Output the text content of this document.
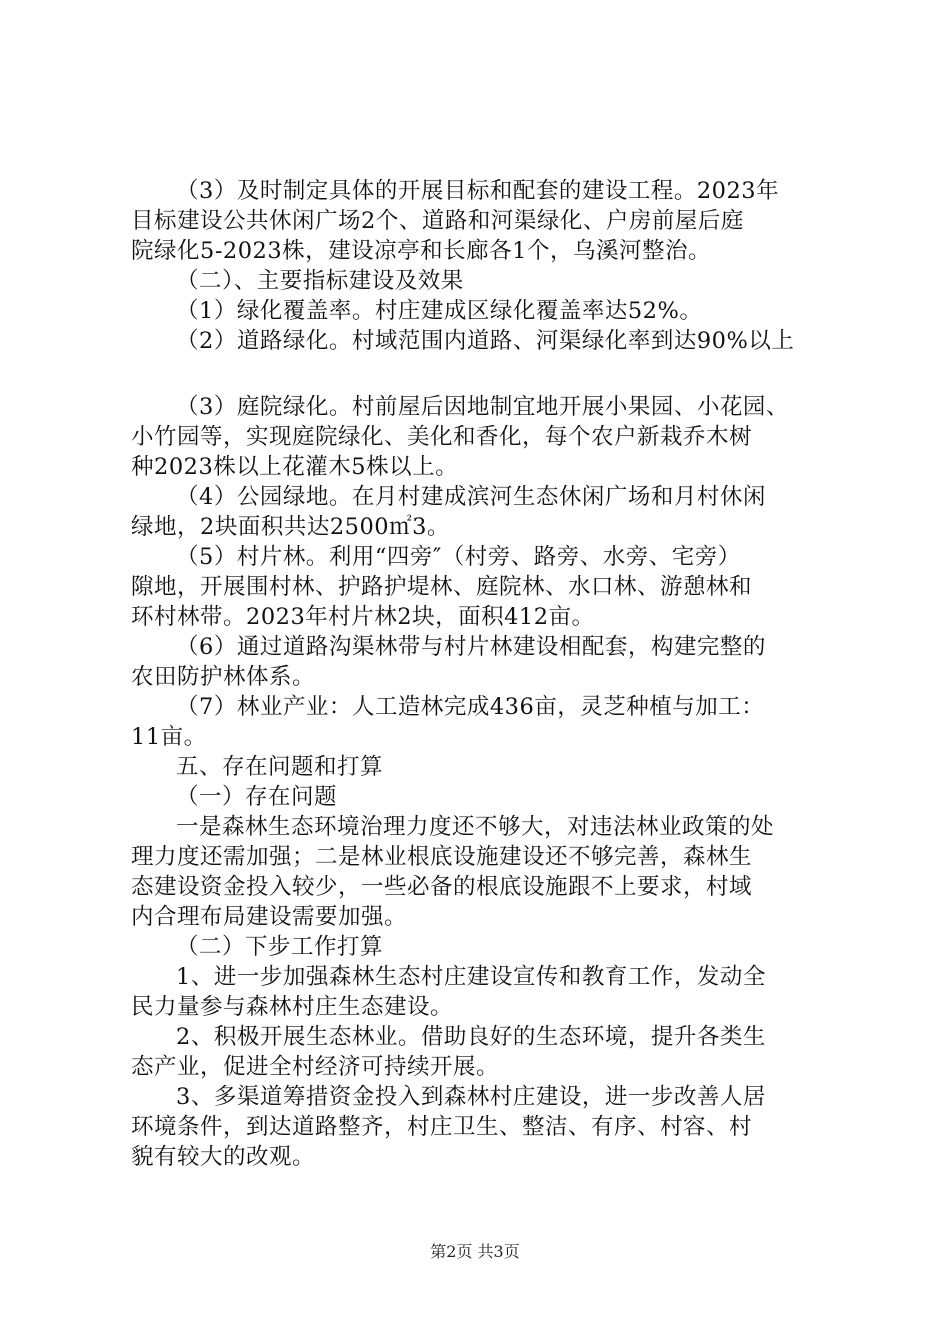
（3）及时制定具体的开展目标和配套的建设工程。2023年
目标建设公共休闲广场2个、道路和河渠绿化、户房前屋后庭
院绿化5-2023株，建设凉亭和长廊各1个，乌溪河整治。
（二）、主要指标建设及效果
（1）绿化覆盖率。村庄建成区绿化覆盖率达52%。
（2）道路绿化。村域范围内道路、河渠绿化率到达90%以上
（3）庭院绿化。村前屋后因地制宜地开展小果园、小花园、
小竹园等，实现庭院绿化、美化和香化，每个农户新栽乔木树
种2023株以上花灌木5株以上。
（4）公园绿地。在月村建成滨河生态休闲广场和月村休闲
绿地，2块面积共达2500㎡3。
（5）村片林。利用“四旁″（村旁、路旁、水旁、宅旁）
隙地，开展围村林、护路护堤林、庭院林、水口林、游憩林和
环村林带。2023年村片林2块，面积412亩。
（6）通过道路沟渠林带与村片林建设相配套，构建完整的
农田防护林体系。
（7）林业产业：人工造林完成436亩，灵芝种植与加工：
11亩。
五、存在问题和打算
（一）存在问题
一是森林生态环境治理力度还不够大，对违法林业政策的处
理力度还需加强；二是林业根底设施建设还不够完善，森林生
态建设资金投入较少，一些必备的根底设施跟不上要求，村域
内合理布局建设需要加强。
（二）下步工作打算
1、进一步加强森林生态村庄建设宣传和教育工作，发动全
民力量参与森林村庄生态建设。
2、积极开展生态林业。借助良好的生态环境，提升各类生
态产业，促进全村经济可持续开展。
3、多渠道筹措资金投入到森林村庄建设，进一步改善人居
环境条件，到达道路整齐，村庄卫生、整洁、有序、村容、村
貌有较大的改观。
第2页 共3页
